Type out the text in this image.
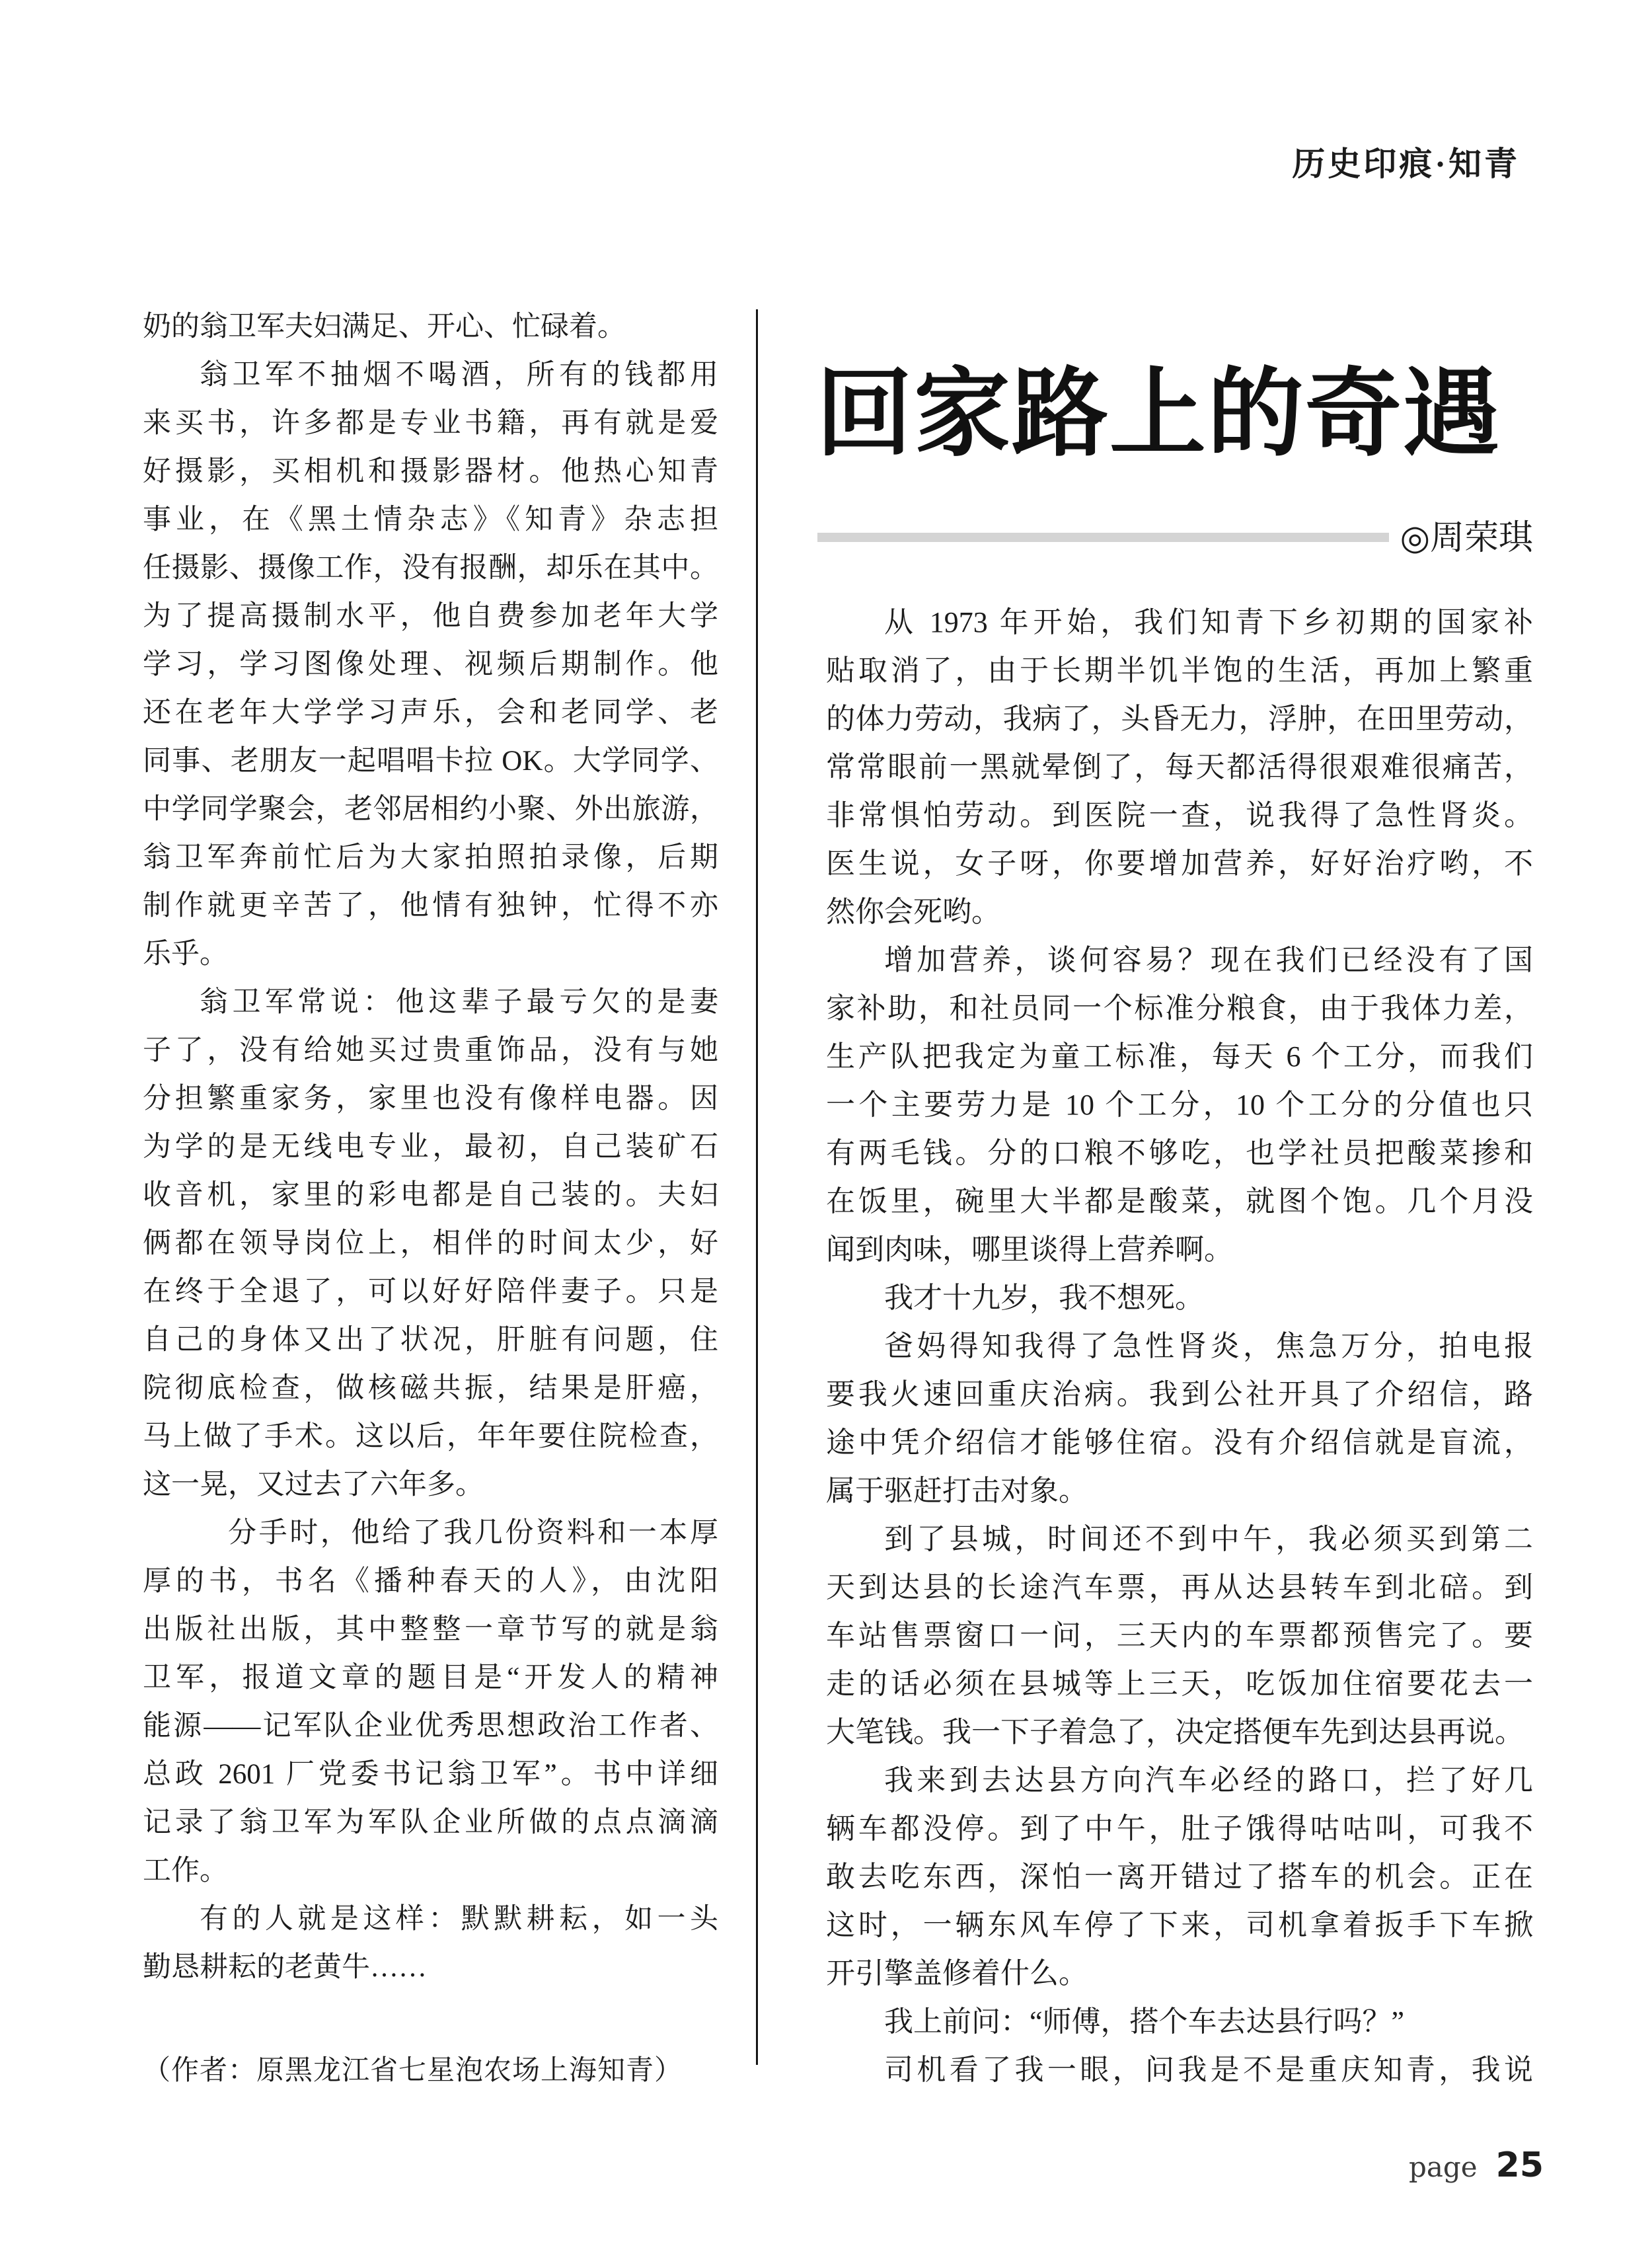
历史印痕·知青
奶的翁卫军夫妇满足、开心、忙碌着。
翁卫军不抽烟不喝酒，所有的钱都用
来买书，许多都是专业书籍，再有就是爱
好摄影，买相机和摄影器材。他热心知青
事业，在《黑土情杂志》《知青》杂志担
任摄影、摄像工作，没有报酬，却乐在其中。
为了提高摄制水平，他自费参加老年大学
学习，学习图像处理、视频后期制作。他
还在老年大学学习声乐，会和老同学、老
同事、老朋友一起唱唱卡拉 OK。大学同学、
中学同学聚会，老邻居相约小聚、外出旅游，
翁卫军奔前忙后为大家拍照拍录像，后期
制作就更辛苦了，他情有独钟，忙得不亦
乐乎。
翁卫军常说：他这辈子最亏欠的是妻
子了，没有给她买过贵重饰品，没有与她
分担繁重家务，家里也没有像样电器。因
为学的是无线电专业，最初，自己装矿石
收音机，家里的彩电都是自己装的。夫妇
俩都在领导岗位上，相伴的时间太少，好
在终于全退了，可以好好陪伴妻子。只是
自己的身体又出了状况，肝脏有问题，住
院彻底检查，做核磁共振，结果是肝癌，
马上做了手术。这以后，年年要住院检查，
这一晃，又过去了六年多。
分手时，他给了我几份资料和一本厚
厚的书，书名《播种春天的人》，由沈阳
出版社出版，其中整整一章节写的就是翁
卫军，报道文章的题目是“开发人的精神
能源——记军队企业优秀思想政治工作者、
总政 2601 厂党委书记翁卫军”。书中详细
记录了翁卫军为军队企业所做的点点滴滴
工作。
有的人就是这样：默默耕耘，如一头
勤恳耕耘的老黄牛……
（作者：原黑龙江省七星泡农场上海知青）
回家路上的奇遇
◎周荣琪
从 1973 年开始，我们知青下乡初期的国家补
贴取消了，由于长期半饥半饱的生活，再加上繁重
的体力劳动，我病了，头昏无力，浮肿，在田里劳动，
常常眼前一黑就晕倒了，每天都活得很艰难很痛苦，
非常惧怕劳动。到医院一查，说我得了急性肾炎。
医生说，女子呀，你要增加营养，好好治疗哟，不
然你会死哟。
增加营养，谈何容易？现在我们已经没有了国
家补助，和社员同一个标准分粮食，由于我体力差，
生产队把我定为童工标准，每天 6 个工分，而我们
一个主要劳力是 10 个工分，10 个工分的分值也只
有两毛钱。分的口粮不够吃，也学社员把酸菜掺和
在饭里，碗里大半都是酸菜，就图个饱。几个月没
闻到肉味，哪里谈得上营养啊。
我才十九岁，我不想死。
爸妈得知我得了急性肾炎，焦急万分，拍电报
要我火速回重庆治病。我到公社开具了介绍信，路
途中凭介绍信才能够住宿。没有介绍信就是盲流，
属于驱赶打击对象。
到了县城，时间还不到中午，我必须买到第二
天到达县的长途汽车票，再从达县转车到北碚。到
车站售票窗口一问，三天内的车票都预售完了。要
走的话必须在县城等上三天，吃饭加住宿要花去一
大笔钱。我一下子着急了，决定搭便车先到达县再说。
我来到去达县方向汽车必经的路口，拦了好几
辆车都没停。到了中午，肚子饿得咕咕叫，可我不
敢去吃东西，深怕一离开错过了搭车的机会。正在
这时，一辆东风车停了下来，司机拿着扳手下车掀
开引擎盖修着什么。
我上前问：“师傅，搭个车去达县行吗？”
司机看了我一眼，问我是不是重庆知青，我说
page 25
